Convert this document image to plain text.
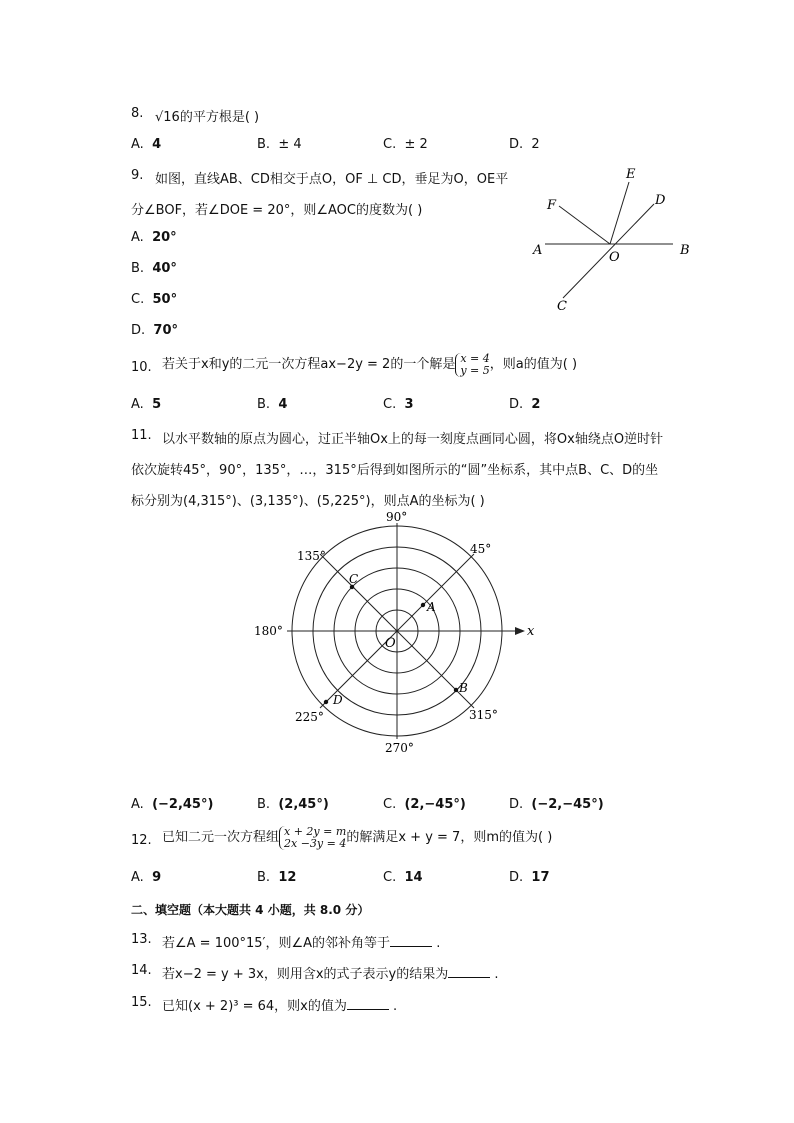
8. √16的平方根是( )
A. 4	B. ± 4	C. ± 2	D. 2
9. 如图，直线AB、CD相交于点O，OF ⊥ CD，垂足为O，OE平
分∠BOF，若∠DOE = 20°，则∠AOC的度数为( )
A. 20°
B. 40°
C. 50°
D. 70°
A	B
C
D
E
F
O
10. 若关于x和y的二元一次方程ax−2y = 2的一个解是 x = 4
y = 5，则a的值为( )
A. 5	B. 4	C. 3	D. 2
11. 以水平数轴的原点为圆心，过正半轴Ox上的每一刻度点画同心圆，将Ox轴绕点O逆时针
依次旋转45°，90°，135°，…，315°后得到如图所示的“圆”坐标系，其中点B、C、D的坐
标分别为(4,315°)、(3,135°)、(5,225°)，则点A的坐标为( )
90°
45°
135°
180°
225°
270°
315°
x
O
A
B
C
D
A. (−2,45°)	B. (2,45°)	C. (2,−45°)	D. (−2,−45°)
12. 已知二元一次方程组 x + 2y = m
2x −3y = 4的解满足x + y = 7，则m的值为( )
A. 9	B. 12	C. 14	D. 17
二、填空题（本大题共 4 小题，共 8.0 分）
13. 若∠A = 100°15′，则∠A的邻补角等于	.
14. 若x−2 = y + 3x，则用含x的式子表示y的结果为	.
15. 已知(x + 2)³ = 64，则x的值为	.
